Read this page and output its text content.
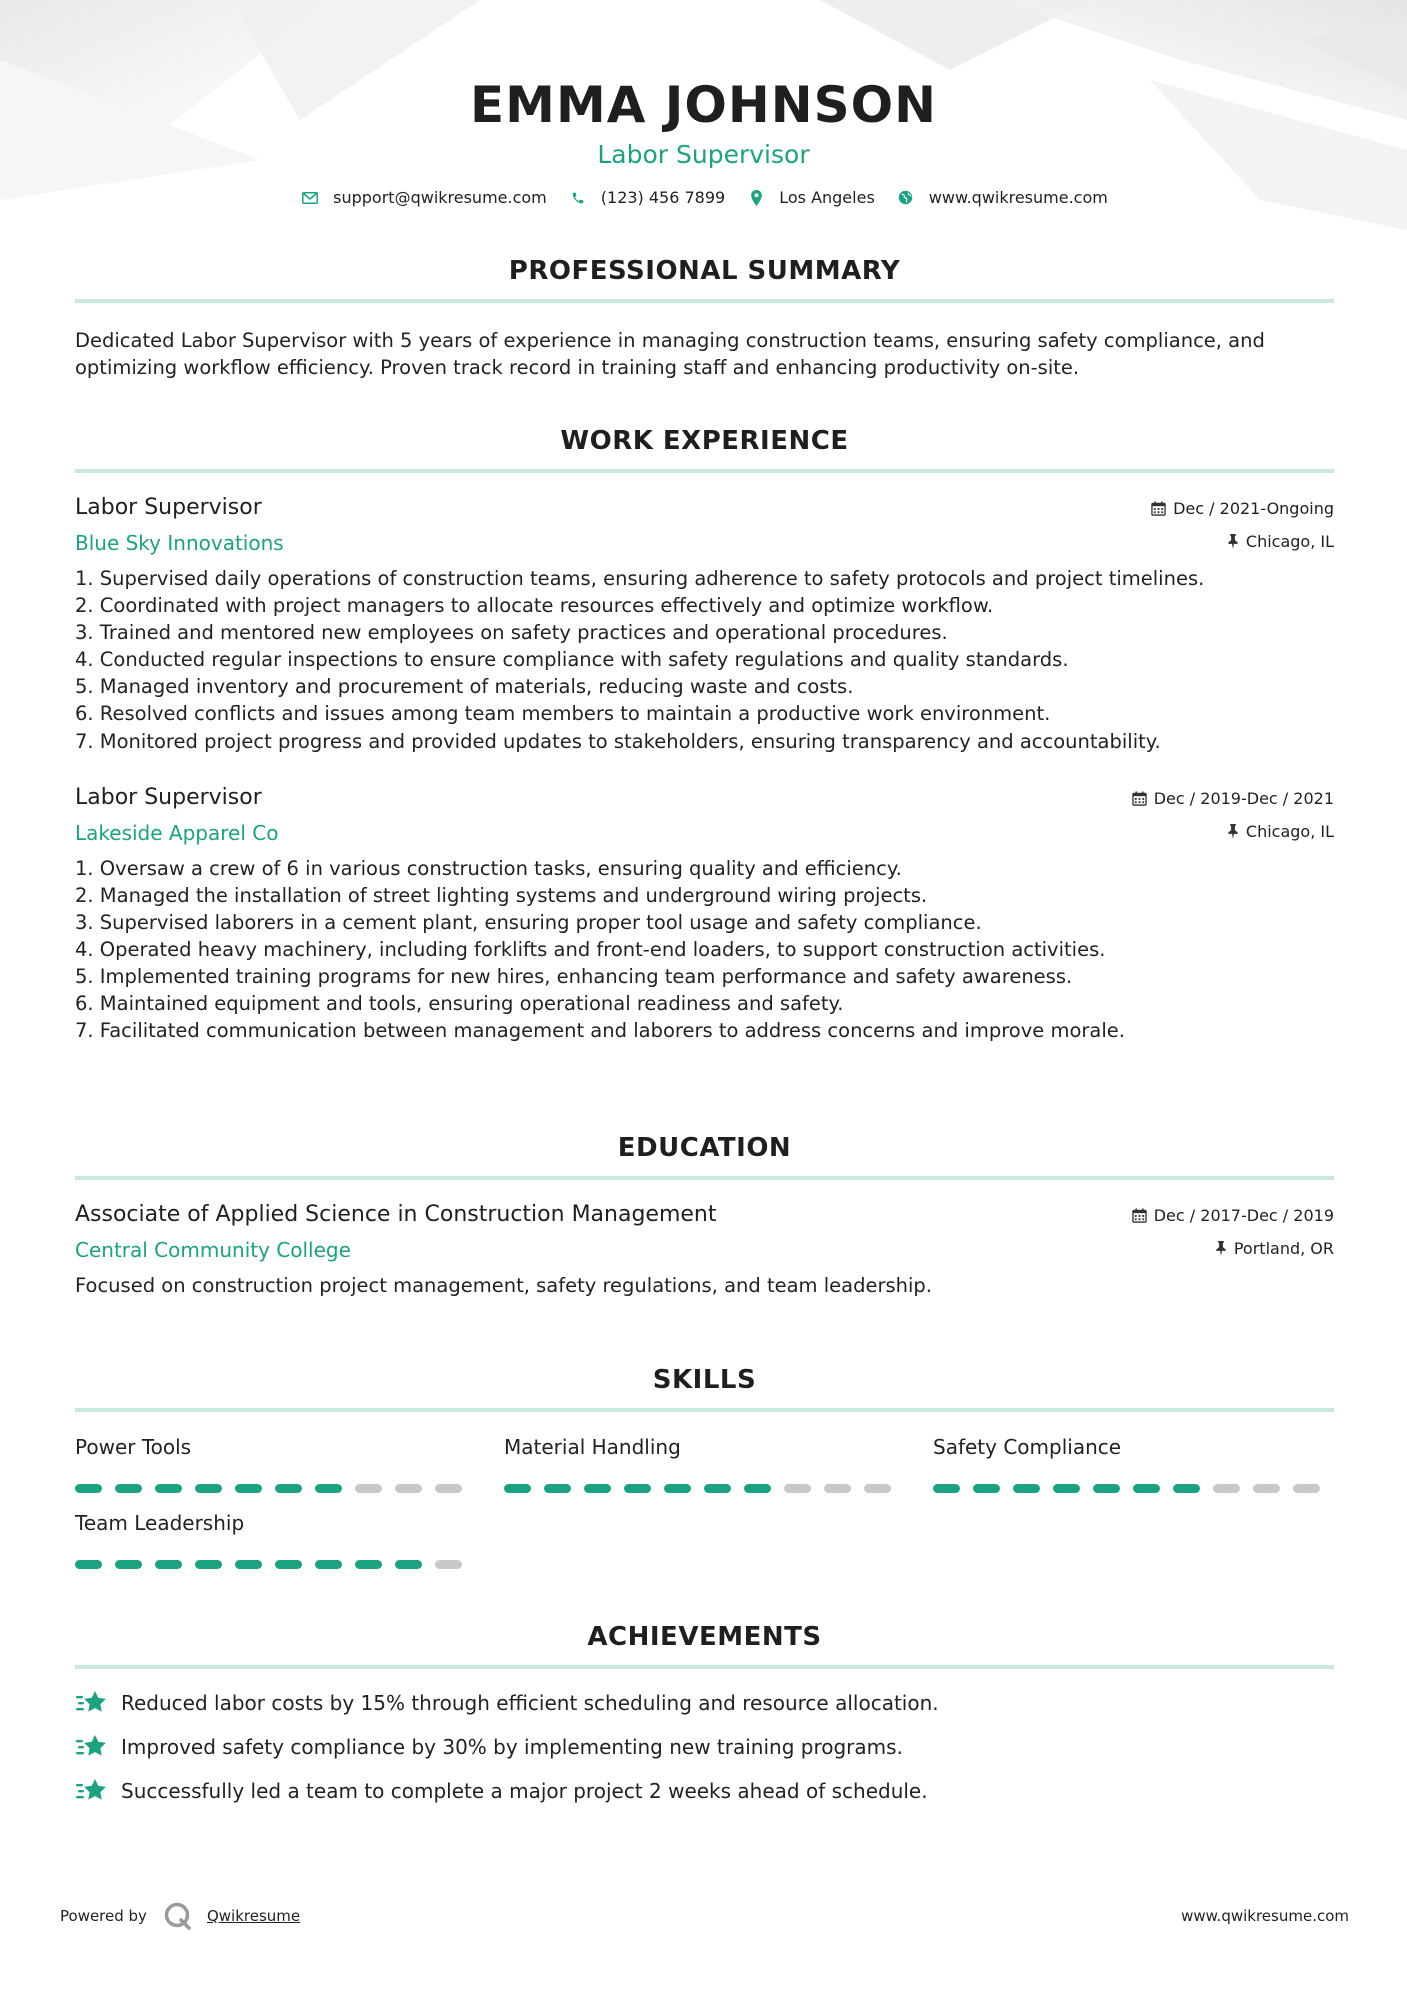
EMMA JOHNSON
Labor Supervisor
support@qwikresume.com	(123) 456 7899	Los Angeles	www.qwikresume.com
PROFESSIONAL SUMMARY
Dedicated Labor Supervisor with 5 years of experience in managing construction teams, ensuring safety compliance, and
optimizing workflow efficiency. Proven track record in training staff and enhancing productivity on-site.
WORK EXPERIENCE
Labor Supervisor
Blue Sky Innovations
Dec / 2021-Ongoing
Chicago, IL
1. Supervised daily operations of construction teams, ensuring adherence to safety protocols and project timelines.
2. Coordinated with project managers to allocate resources effectively and optimize workflow.
3. Trained and mentored new employees on safety practices and operational procedures.
4. Conducted regular inspections to ensure compliance with safety regulations and quality standards.
5. Managed inventory and procurement of materials, reducing waste and costs.
6. Resolved conflicts and issues among team members to maintain a productive work environment.
7. Monitored project progress and provided updates to stakeholders, ensuring transparency and accountability.
Labor Supervisor
Lakeside Apparel Co
Dec / 2019-Dec / 2021
Chicago, IL
1. Oversaw a crew of 6 in various construction tasks, ensuring quality and efficiency.
2. Managed the installation of street lighting systems and underground wiring projects.
3. Supervised laborers in a cement plant, ensuring proper tool usage and safety compliance.
4. Operated heavy machinery, including forklifts and front-end loaders, to support construction activities.
5. Implemented training programs for new hires, enhancing team performance and safety awareness.
6. Maintained equipment and tools, ensuring operational readiness and safety.
7. Facilitated communication between management and laborers to address concerns and improve morale.
EDUCATION
Associate of Applied Science in Construction Management
Central Community College
Dec / 2017-Dec / 2019
Portland, OR
Focused on construction project management, safety regulations, and team leadership.
SKILLS
Power Tools	Material Handling	Safety Compliance
Team Leadership
ACHIEVEMENTS
Reduced labor costs by 15% through efficient scheduling and resource allocation.
Improved safety compliance by 30% by implementing new training programs.
Successfully led a team to complete a major project 2 weeks ahead of schedule.
Powered by	Qwikresume	www.qwikresume.com
